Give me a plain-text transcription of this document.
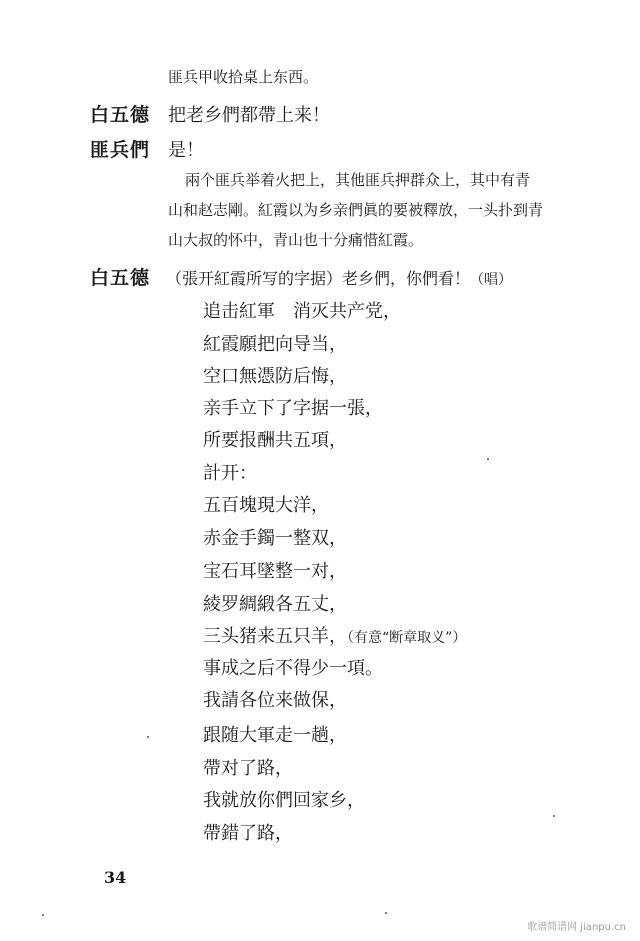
匪兵甲收拾桌上东西。
白五德 把老乡們都帶上来！
匪兵們 是！
兩个匪兵举着火把上，其他匪兵押群众上，其中有青
山和赵志剛。紅霞以为乡亲們眞的要被釋放，一头扑到青
山大叔的怀中，青山也十分痛惜紅霞。
白五德 （張开紅霞所写的字据）老乡們，你們看！（唱）
追击紅軍　消灭共产党，
紅霞願把向导当，
空口無憑防后悔，
亲手立下了字据一張，
所要报酬共五項，
計开：
五百塊現大洋，
赤金手鐲一整双，
宝石耳墜整一对，
綾罗綢緞各五丈，
三头猪来五只羊，（有意“断章取义”）
事成之后不得少一項。
我請各位来做保，
跟随大軍走一趟，
帶对了路，
我就放你們回家乡，
帶錯了路，
34
歌谱简谱网 jianpu.cn
